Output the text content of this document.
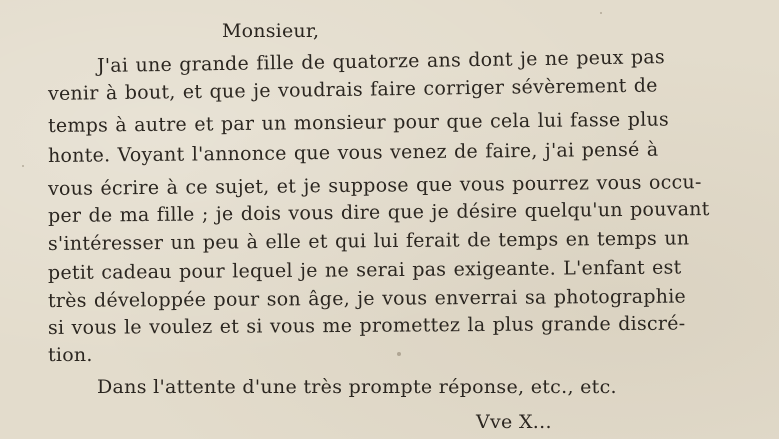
Monsieur,
J'ai une grande fille de quatorze ans dont je ne peux pas
venir à bout, et que je voudrais faire corriger sévèrement de
temps à autre et par un monsieur pour que cela lui fasse plus
honte. Voyant l'annonce que vous venez de faire, j'ai pensé à
vous écrire à ce sujet, et je suppose que vous pourrez vous occu-
per de ma fille ; je dois vous dire que je désire quelqu'un pouvant
s'intéresser un peu à elle et qui lui ferait de temps en temps un
petit cadeau pour lequel je ne serai pas exigeante. L'enfant est
très développée pour son âge, je vous enverrai sa photographie
si vous le voulez et si vous me promettez la plus grande discré-
tion.
Dans l'attente d'une très prompte réponse, etc., etc.
Vve X...
